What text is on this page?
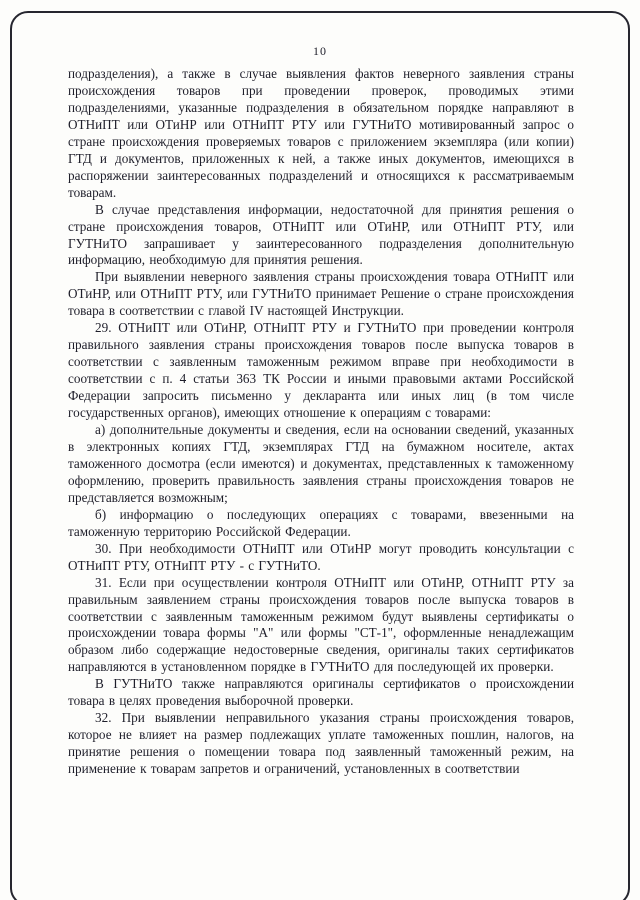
10

подразделения), а также в случае выявления фактов неверного заявления страны происхождения товаров при проведении проверок, проводимых этими подразделениями, указанные подразделения в обязательном порядке направляют в ОТНиПТ или ОТиНР или ОТНиПТ РТУ или ГУТНиТО мотивированный запрос о стране происхождения проверяемых товаров с приложением экземпляра (или копии) ГТД и документов, приложенных к ней, а также иных документов, имеющихся в распоряжении заинтересованных подразделений и относящихся к рассматриваемым товарам.

В случае представления информации, недостаточной для принятия решения о стране происхождения товаров, ОТНиПТ или ОТиНР, или ОТНиПТ РТУ, или ГУТНиТО запрашивает у заинтересованного подразделения дополнительную информацию, необходимую для принятия решения.

При выявлении неверного заявления страны происхождения товара ОТНиПТ или ОТиНР, или ОТНиПТ РТУ, или ГУТНиТО принимает Решение о стране происхождения товара в соответствии с главой IV настоящей Инструкции.

29. ОТНиПТ или ОТиНР, ОТНиПТ РТУ и ГУТНиТО при проведении контроля правильного заявления страны происхождения товаров после выпуска товаров в соответствии с заявленным таможенным режимом вправе при необходимости в соответствии с п. 4 статьи 363 ТК России и иными правовыми актами Российской Федерации запросить письменно у декларанта или иных лиц (в том числе государственных органов), имеющих отношение к операциям с товарами:

а) дополнительные документы и сведения, если на основании сведений, указанных в электронных копиях ГТД, экземплярах ГТД на бумажном носителе, актах таможенного досмотра (если имеются) и документах, представленных к таможенному оформлению, проверить правильность заявления страны происхождения товаров не представляется возможным;

б) информацию о последующих операциях с товарами, ввезенными на таможенную территорию Российской Федерации.

30. При необходимости ОТНиПТ или ОТиНР могут проводить консультации с ОТНиПТ РТУ, ОТНиПТ РТУ - с ГУТНиТО.

31. Если при осуществлении контроля ОТНиПТ или ОТиНР, ОТНиПТ РТУ за правильным заявлением страны происхождения товаров после выпуска товаров в соответствии с заявленным таможенным режимом будут выявлены сертификаты о происхождении товара формы "А" или формы "СТ-1", оформленные ненадлежащим образом либо содержащие недостоверные сведения, оригиналы таких сертификатов направляются в установленном порядке в ГУТНиТО для последующей их проверки.

В ГУТНиТО также направляются оригиналы сертификатов о происхождении товара в целях проведения выборочной проверки.

32. При выявлении неправильного указания страны происхождения товаров, которое не влияет на размер подлежащих уплате таможенных пошлин, налогов, на принятие решения о помещении товара под заявленный таможенный режим, на применение к товарам запретов и ограничений, установленных в соответствии
